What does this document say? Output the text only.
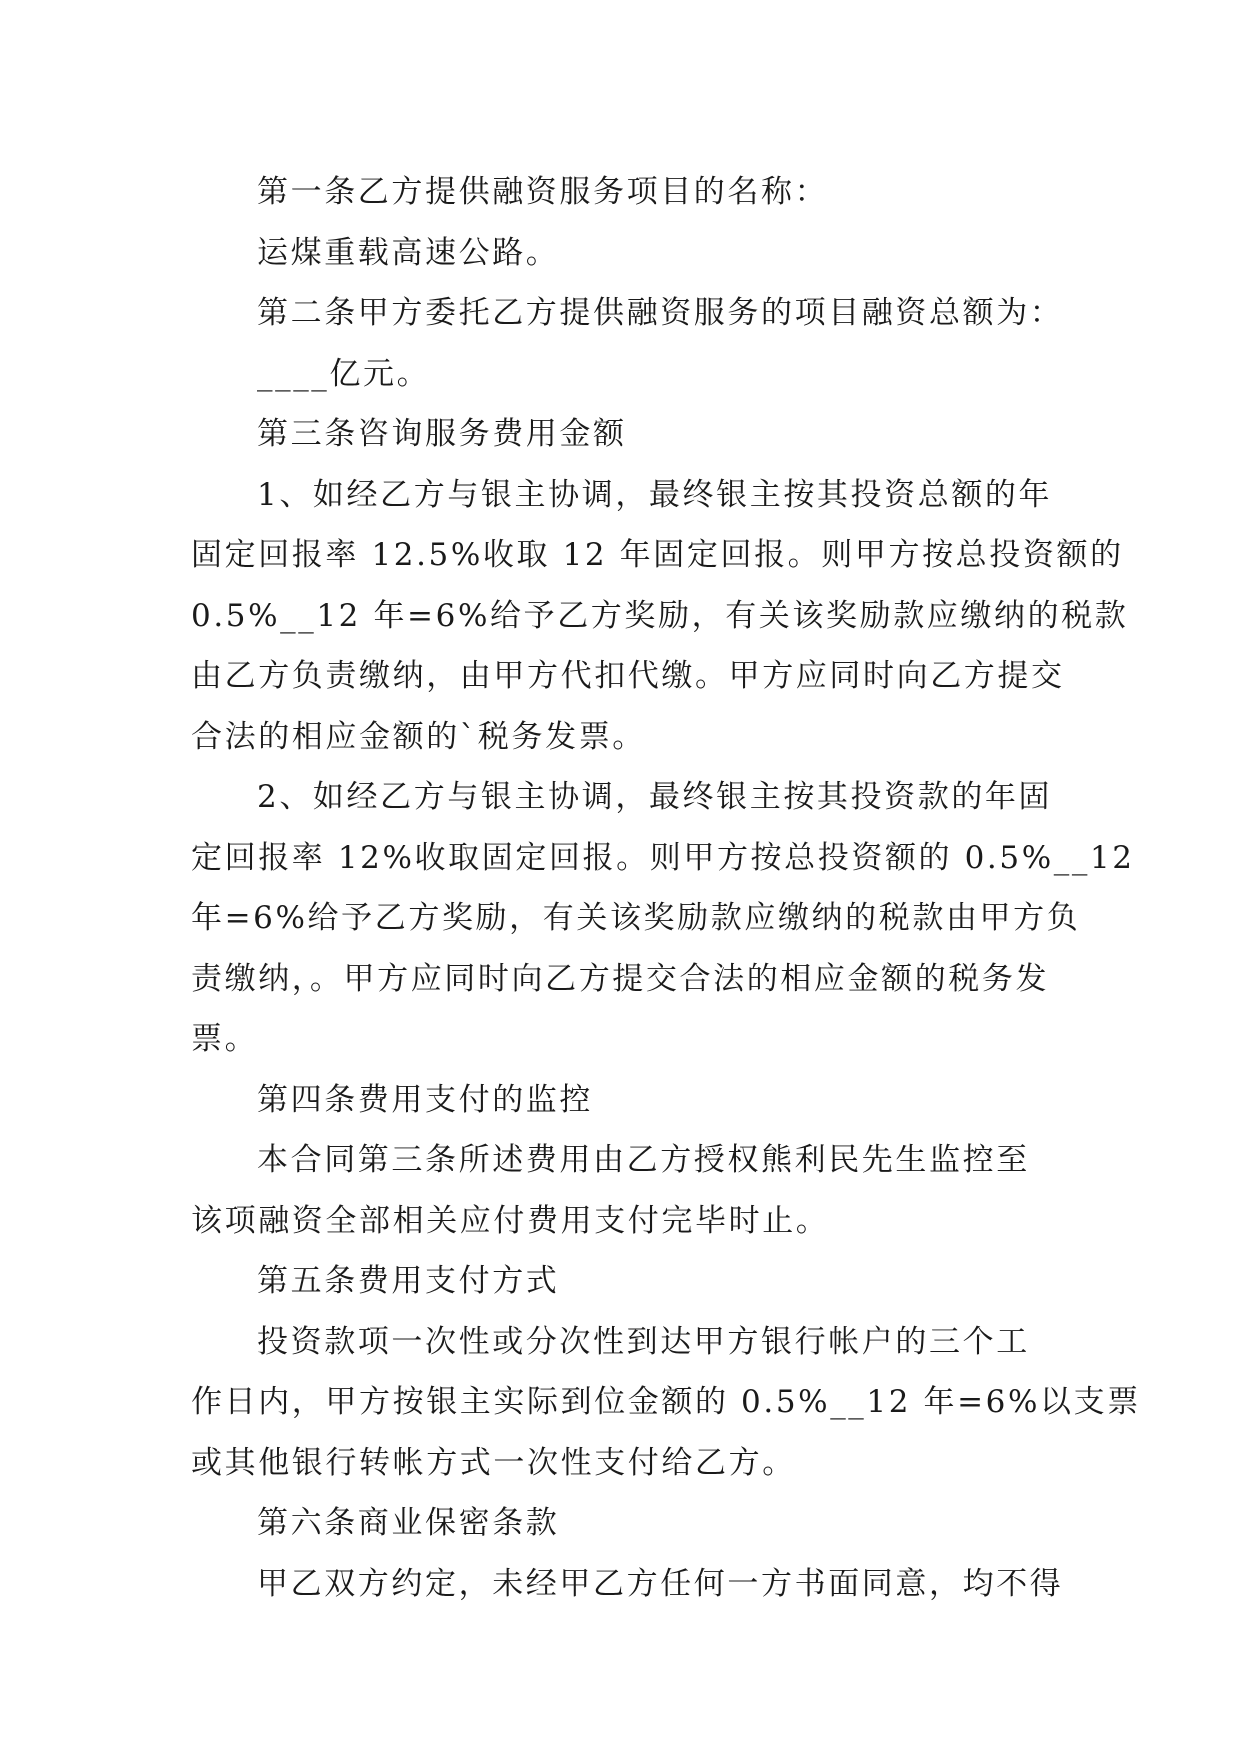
第一条乙方提供融资服务项目的名称：
运煤重载高速公路。
第二条甲方委托乙方提供融资服务的项目融资总额为：
____亿元。
第三条咨询服务费用金额
1、如经乙方与银主协调，最终银主按其投资总额的年
固定回报率 12.5%收取 12 年固定回报。则甲方按总投资额的
0.5%__12 年=6%给予乙方奖励，有关该奖励款应缴纳的税款
由乙方负责缴纳，由甲方代扣代缴。甲方应同时向乙方提交
合法的相应金额的`税务发票。
2、如经乙方与银主协调，最终银主按其投资款的年固
定回报率 12%收取固定回报。则甲方按总投资额的 0.5%__12
年=6%给予乙方奖励，有关该奖励款应缴纳的税款由甲方负
责缴纳，。甲方应同时向乙方提交合法的相应金额的税务发
票。
第四条费用支付的监控
本合同第三条所述费用由乙方授权熊利民先生监控至
该项融资全部相关应付费用支付完毕时止。
第五条费用支付方式
投资款项一次性或分次性到达甲方银行帐户的三个工
作日内，甲方按银主实际到位金额的 0.5%__12 年=6%以支票
或其他银行转帐方式一次性支付给乙方。
第六条商业保密条款
甲乙双方约定，未经甲乙方任何一方书面同意，均不得
